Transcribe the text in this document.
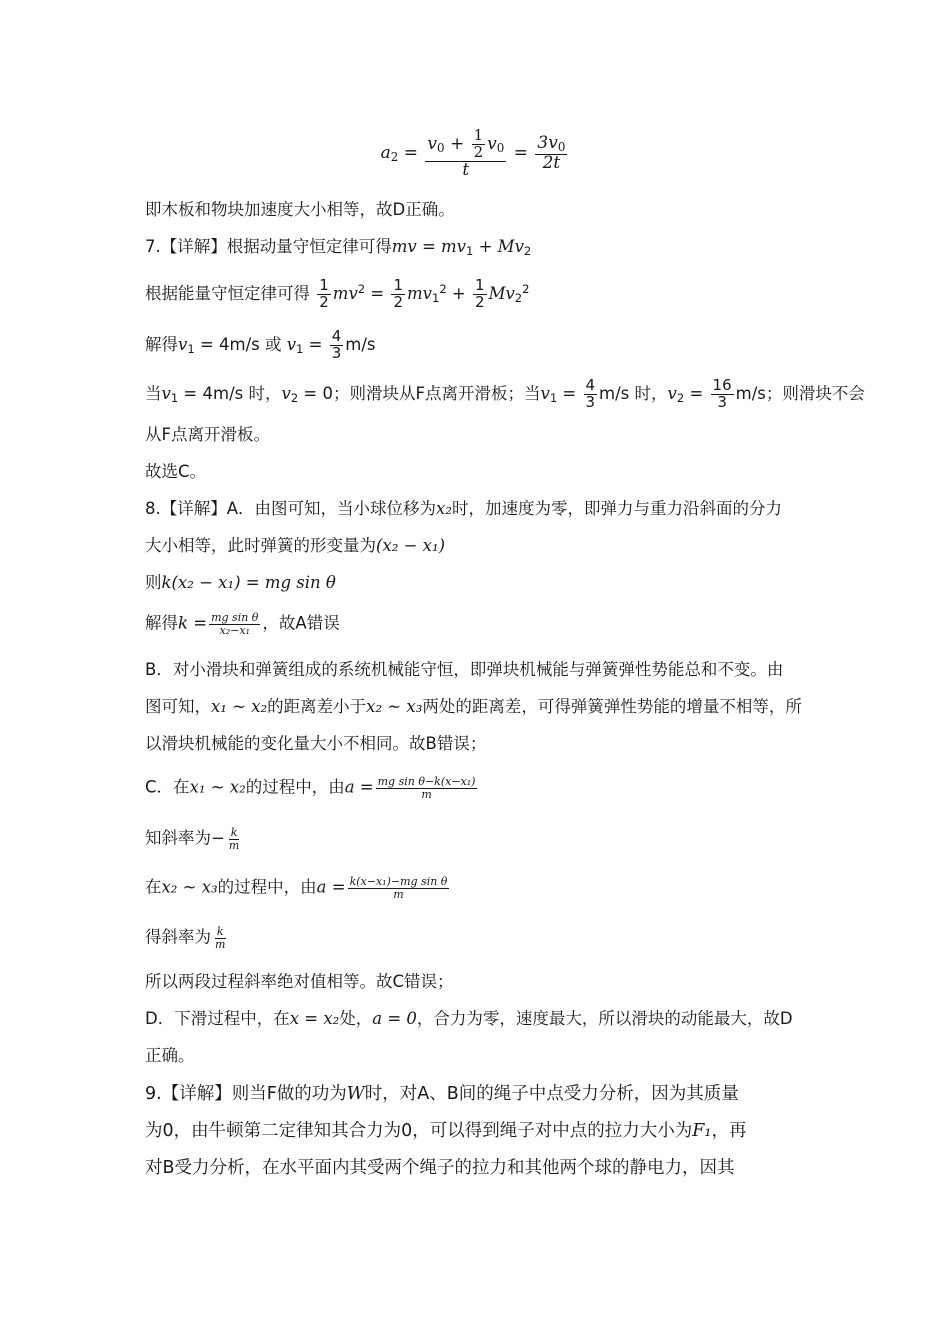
$a_2 = \frac{v_0 + \frac{1}{2} v_0}{t} = \frac{3v_0}{2t}$
即木板和物块加速度大小相等，故D正确。
7.【详解】根据动量守恒定律可得mv = $mv_1 + Mv_2$
根据能量守恒定律可得 $\frac{1}{2} mv^2 = \frac{1}{2} mv_1^2 + \frac{1}{2} Mv_2^2$
解得$v_1 = 4m/s$ 或 $v_1 = \frac{4}{3} m/s$
当$v_1 = 4m/s$ 时，$v_2 = 0$；则滑块从F点离开滑板；当$v_1 = \frac{4}{3} m/s$ 时，$v_2 = \frac{16}{3} m/s$；则滑块不会
从F点离开滑板。
故选C。
8.【详解】A．由图可知，当小球位移为x₂时，加速度为零，即弹力与重力沿斜面的分力
大小相等，此时弹簧的形变量为(x₂ − x₁)
则k(x₂ − x₁) = mg sin θ
解得$k = \frac{\text{mg sin θ}}{\text{x₂−x₁}}$ ，故A错误
B．对小滑块和弹簧组成的系统机械能守恒，即弹块机械能与弹簧弹性势能总和不变。由
图可知，x₁ ~ x₂的距离差小于x₂ ~ x₃两处的距离差，可得弹簧弹性势能的增量不相等，所
以滑块机械能的变化量大小不相同。故B错误；
C．在x₁ ~ x₂的过程中，由$a = \frac{\text{mg sin θ−k(x−x₁)}}{m}$
知斜率为− $\frac{k}{m}$
在x₂ ~ x₃的过程中，由$a = \frac{\text{k(x−x₁)−mg sin θ}}{m}$
得斜率为 $\frac{k}{m}$
所以两段过程斜率绝对值相等。故C错误；
D．下滑过程中，在x = x₂处，a = 0，合力为零，速度最大，所以滑块的动能最大，故D
正确。
9.【详解】则当F做的功为W时，对A、B间的绳子中点受力分析，因为其质量
为0，由牛顿第二定律知其合力为0，可以得到绳子对中点的拉力大小为F₁，再
对B受力分析，在水平面内其受两个绳子的拉力和其他两个球的静电力，因其
